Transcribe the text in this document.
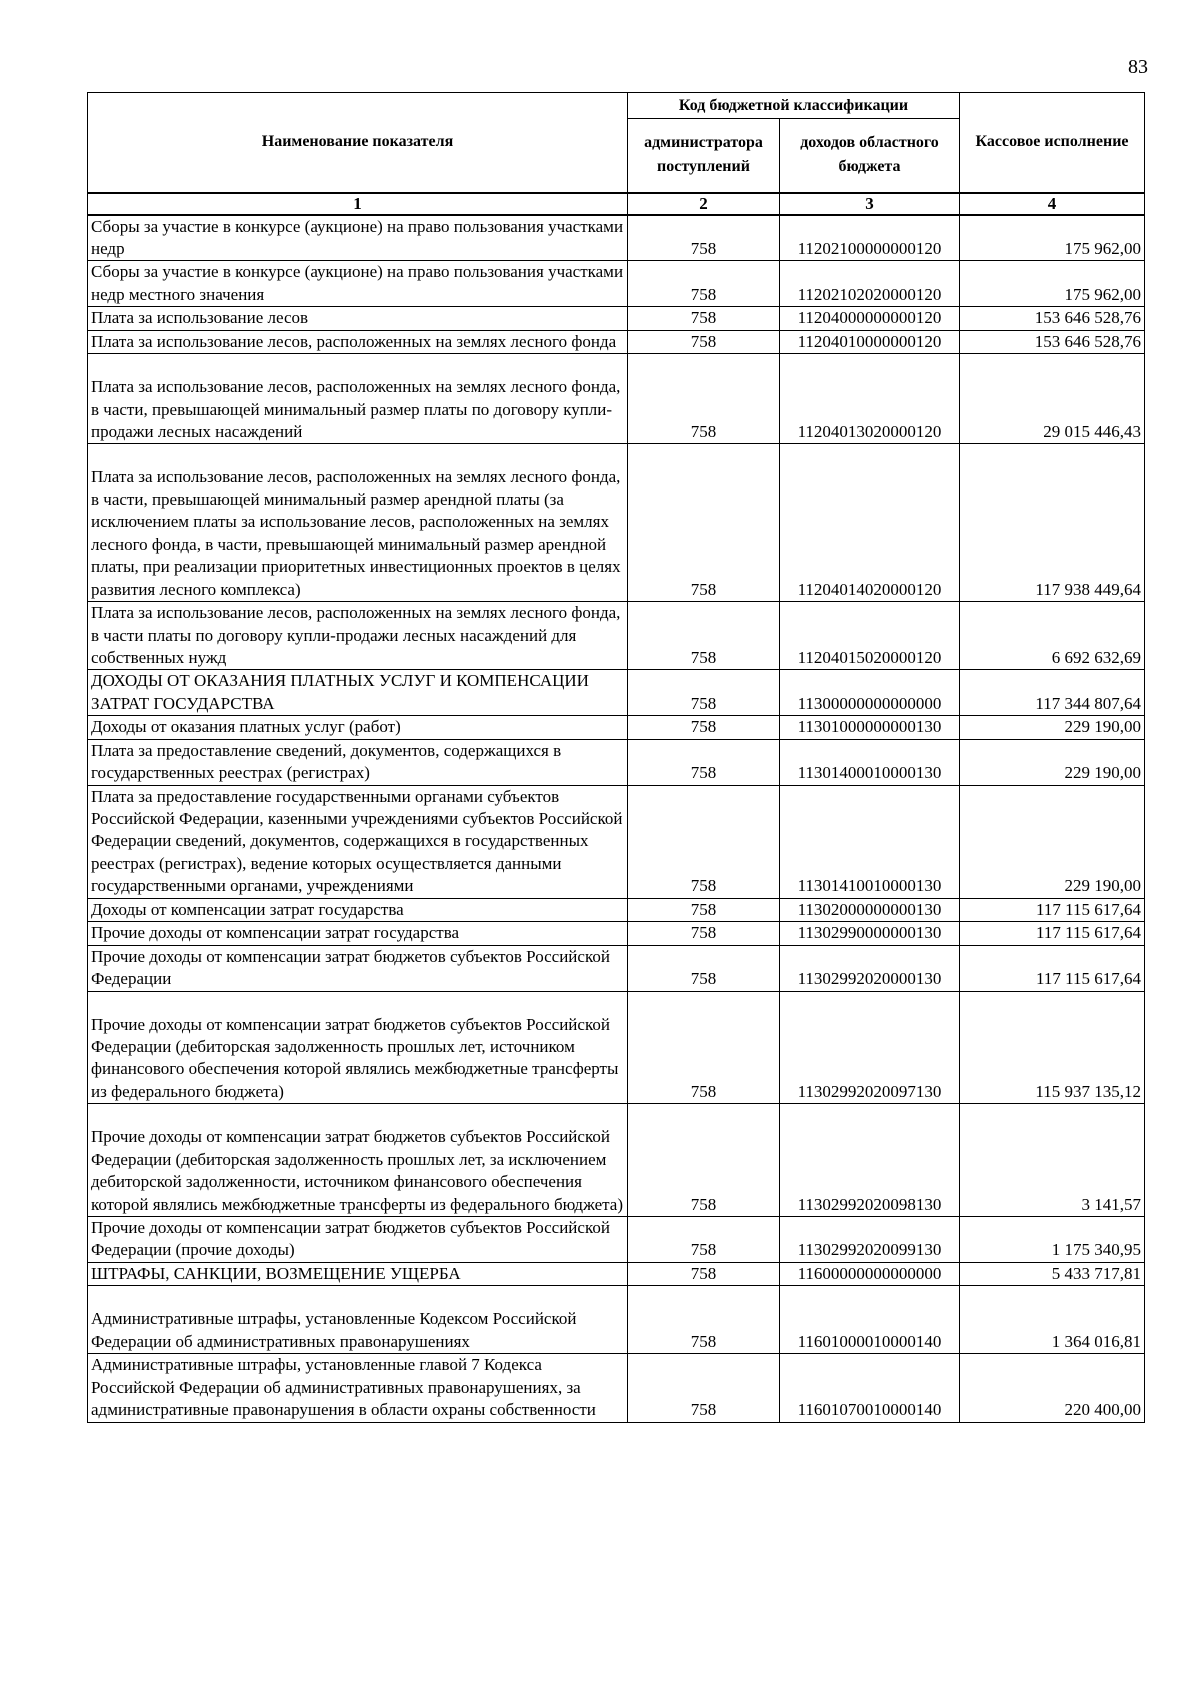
83
Наименование показателя	Код бюджетной классификации		Кассовое исполнение
	администратора поступлений	доходов областного бюджета	
1	2	3	4
Сборы за участие в конкурсе (аукционе) на право пользования участками недр	758	11202100000000120	175 962,00
Сборы за участие в конкурсе (аукционе) на право пользования участками недр местного значения	758	11202102020000120	175 962,00
Плата за использование лесов	758	11204000000000120	153 646 528,76
Плата за использование лесов, расположенных на землях лесного фонда	758	11204010000000120	153 646 528,76
Плата за использование лесов, расположенных на землях лесного фонда, в части, превышающей минимальный размер платы по договору купли-продажи лесных насаждений	758	11204013020000120	29 015 446,43
Плата за использование лесов, расположенных на землях лесного фонда, в части, превышающей минимальный размер арендной платы (за исключением платы за использование лесов, расположенных на землях лесного фонда, в части, превышающей минимальный размер арендной платы, при реализации приоритетных инвестиционных проектов в целях развития лесного комплекса)	758	11204014020000120	117 938 449,64
Плата за использование лесов, расположенных на землях лесного фонда, в части платы по договору купли-продажи лесных насаждений для собственных нужд	758	11204015020000120	6 692 632,69
ДОХОДЫ ОТ ОКАЗАНИЯ ПЛАТНЫХ УСЛУГ И КОМПЕНСАЦИИ ЗАТРАТ ГОСУДАРСТВА	758	11300000000000000	117 344 807,64
Доходы от оказания платных услуг (работ)	758	11301000000000130	229 190,00
Плата за предоставление сведений, документов, содержащихся в государственных реестрах (регистрах)	758	11301400010000130	229 190,00
Плата за предоставление государственными органами субъектов Российской Федерации, казенными учреждениями субъектов Российской Федерации сведений, документов, содержащихся в государственных реестрах (регистрах), ведение которых осуществляется данными государственными органами, учреждениями	758	11301410010000130	229 190,00
Доходы от компенсации затрат государства	758	11302000000000130	117 115 617,64
Прочие доходы от компенсации затрат государства	758	11302990000000130	117 115 617,64
Прочие доходы от компенсации затрат бюджетов субъектов Российской Федерации	758	11302992020000130	117 115 617,64
Прочие доходы от компенсации затрат бюджетов субъектов Российской Федерации (дебиторская задолженность прошлых лет, источником финансового обеспечения которой являлись межбюджетные трансферты из федерального бюджета)	758	11302992020097130	115 937 135,12
Прочие доходы от компенсации затрат бюджетов субъектов Российской Федерации (дебиторская задолженность прошлых лет, за исключением дебиторской задолженности, источником финансового обеспечения которой являлись межбюджетные трансферты из федерального бюджета)	758	11302992020098130	3 141,57
Прочие доходы от компенсации затрат бюджетов субъектов Российской Федерации (прочие доходы)	758	11302992020099130	1 175 340,95
ШТРАФЫ, САНКЦИИ, ВОЗМЕЩЕНИЕ УЩЕРБА	758	11600000000000000	5 433 717,81
Административные штрафы, установленные Кодексом Российской Федерации об административных правонарушениях	758	11601000010000140	1 364 016,81
Административные штрафы, установленные главой 7 Кодекса Российской Федерации об административных правонарушениях, за административные правонарушения в области охраны собственности	758	11601070010000140	220 400,00
